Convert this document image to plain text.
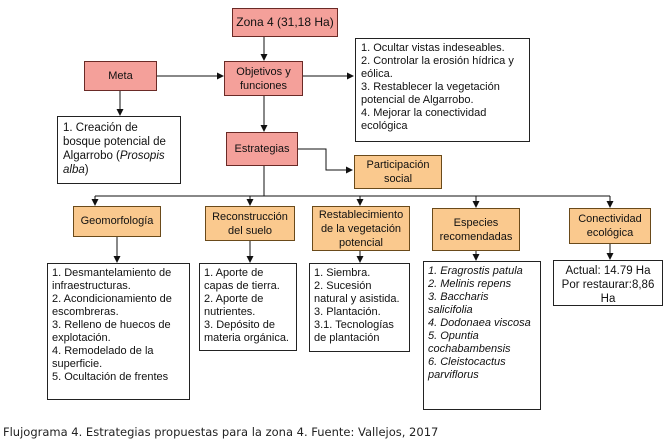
Zona 4 (31,18 Ha)
Meta
1. Creación de bosque potencial de Algarrobo (Prosopis alba)
Objetivos y funciones
1. Ocultar vistas indeseables.
2. Controlar la erosión hídrica y eólica.
3. Restablecer la vegetación potencial de Algarrobo.
4. Mejorar la conectividad ecológica
Estrategias
Participación social
Geomorfología
1. Desmantelamiento de infraestructuras.
2. Acondicionamiento de escombreras.
3. Relleno de huecos de explotación.
4. Remodelado de la superficie.
5. Ocultación de frentes
Reconstrucción del suelo
1. Aporte de capas de tierra.
2. Aporte de nutrientes.
3. Depósito de materia orgánica.
Restablecimiento de la vegetación potencial
1. Siembra.
2. Sucesión natural y asistida.
3. Plantación.
3.1. Tecnologías de plantación
Especies recomendadas
1. Eragrostis patula
2. Melinis repens
3. Baccharis salicifolia
4. Dodonaea viscosa
5. Opuntia cochabambensis
6. Cleistocactus parviflorus
Conectividad ecológica
Actual: 14.79 Ha
Por restaurar:8,86 Ha
Flujograma 4. Estrategias propuestas para la zona 4. Fuente: Vallejos, 2017
